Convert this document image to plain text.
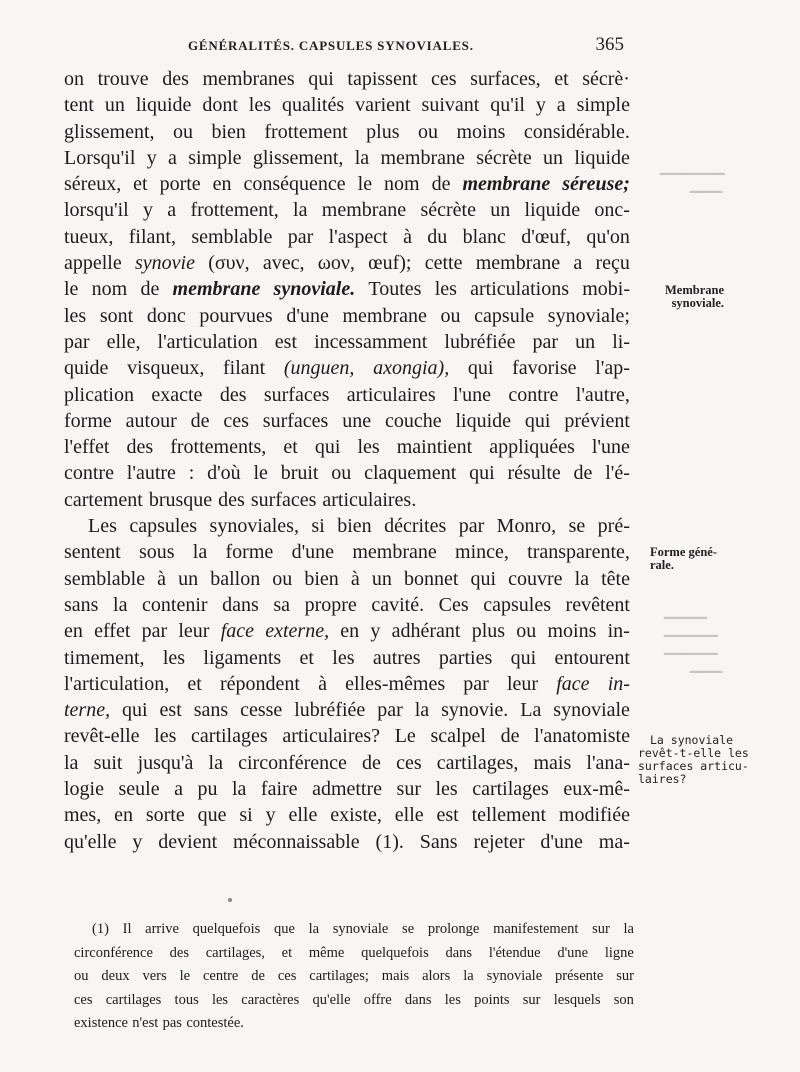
▔▔▔▔▔▔
▔▔▔
▔▔▔▔
▔▔▔▔▔
▔▔▔▔▔
▔▔▔
GÉNÉRALITÉS. CAPSULES SYNOVIALES.	365
on trouve des membranes qui tapissent ces surfaces, et sécrè·
tent un liquide dont les qualités varient suivant qu'il y a simple
glissement, ou bien frottement plus ou moins considérable.
Lorsqu'il y a simple glissement, la membrane sécrète un liquide
séreux, et porte en conséquence le nom de membrane séreuse;
lorsqu'il y a frottement, la membrane sécrète un liquide onc-
tueux, filant, semblable par l'aspect à du blanc d'œuf, qu'on
appelle synovie (συν, avec, ωον, œuf); cette membrane a reçu
le nom de membrane synoviale. Toutes les articulations mobi-
les sont donc pourvues d'une membrane ou capsule synoviale;
par elle, l'articulation est incessamment lubréfiée par un li-
quide visqueux, filant (unguen, axongia), qui favorise l'ap-
plication exacte des surfaces articulaires l'une contre l'autre,
forme autour de ces surfaces une couche liquide qui prévient
l'effet des frottements, et qui les maintient appliquées l'une
contre l'autre : d'où le bruit ou claquement qui résulte de l'é-
cartement brusque des surfaces articulaires.
Les capsules synoviales, si bien décrites par Monro, se pré-
sentent sous la forme d'une membrane mince, transparente,
semblable à un ballon ou bien à un bonnet qui couvre la tête
sans la contenir dans sa propre cavité. Ces capsules revêtent
en effet par leur face externe, en y adhérant plus ou moins in-
timement, les ligaments et les autres parties qui entourent
l'articulation, et répondent à elles-mêmes par leur face in-
terne, qui est sans cesse lubréfiée par la synovie. La synoviale
revêt-elle les cartilages articulaires? Le scalpel de l'anatomiste
la suit jusqu'à la circonférence de ces cartilages, mais l'ana-
logie seule a pu la faire admettre sur les cartilages eux-mê-
mes, en sorte que si y elle existe, elle est tellement modifiée
qu'elle y devient méconnaissable (1). Sans rejeter d'une ma-
Membrane
synoviale.
Forme géné-
rale.
La synoviale
revêt-t-elle les
surfaces articu-
laires?
(1) Il arrive quelquefois que la synoviale se prolonge manifestement sur la
circonférence des cartilages, et même quelquefois dans l'étendue d'une ligne
ou deux vers le centre de ces cartilages; mais alors la synoviale présente sur
ces cartilages tous les caractères qu'elle offre dans les points sur lesquels son
existence n'est pas contestée.
